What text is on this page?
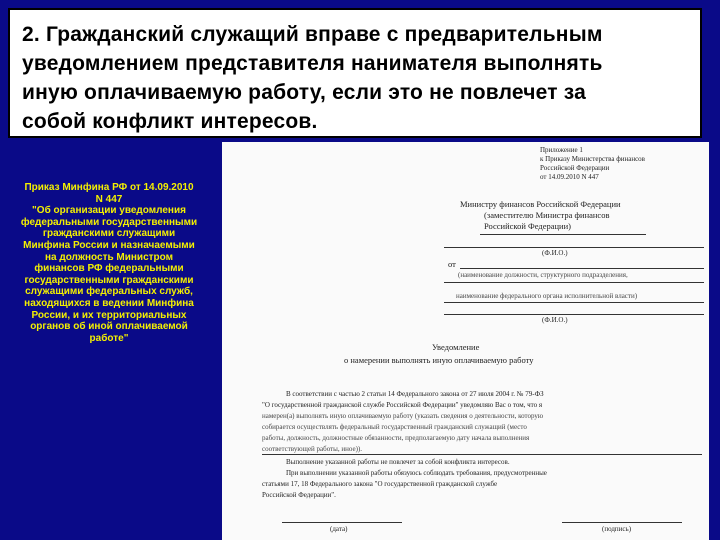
2. Гражданский служащий вправе с предварительным

уведомлением представителя нанимателя выполнять

иную оплачиваемую работу, если это не повлечет за

собой конфликт интересов.

Приказ Минфина РФ от 14.09.2010
N 447
"Об организации уведомления
федеральными государственными
гражданскими служащими
Минфина России и назначаемыми
на должность Министром
финансов РФ федеральными
государственными гражданскими
служащими федеральных служб,
находящихся в ведении Минфина
России, и их территориальных
органов об иной оплачиваемой
работе"
Приложение 1
к Приказу Министерства финансов
Российской Федерации
от 14.09.2010 N 447
Министру финансов Российской Федерации
(заместителю Министра финансов
Российской Федерации)
(Ф.И.О.)
от
(наименование должности, структурного подразделения,
наименование федерального органа исполнительной власти)
(Ф.И.О.)
Уведомление
о намерении выполнять иную оплачиваемую работу
В соответствии с частью 2 статьи 14 Федерального закона от 27 июля 2004 г. № 79-ФЗ
"О государственной гражданской службе Российской Федерации" уведомляю Вас о том, что я
намерен(а) выполнять иную оплачиваемую работу (указать сведения о деятельности, которую
собирается осуществлять федеральный государственный гражданский служащий (место
работы, должность, должностные обязанности, предполагаемую дату начала выполнения
соответствующей работы, иное)).
Выполнение указанной работы не повлечет за собой конфликта интересов.
При выполнении указанной работы обязуюсь соблюдать требования, предусмотренные
статьями 17, 18 Федерального закона "О государственной гражданской службе
Российской Федерации".
(дата)	(подпись)
